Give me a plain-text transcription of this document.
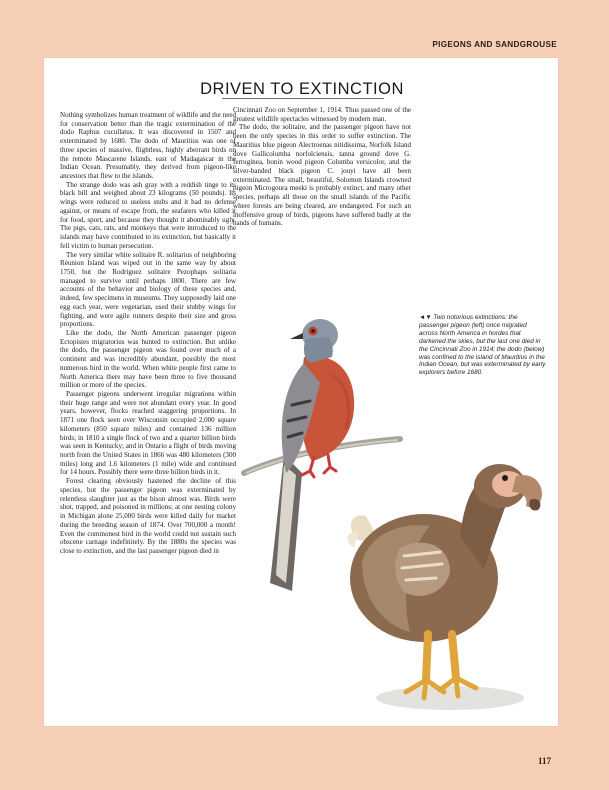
PIGEONS AND SANDGROUSE
DRIVEN TO EXTINCTION

Nothing symbolizes human treatment of wildlife and the need for conservation better than the tragic extermination of the dodo Raphus cucullatus. It was discovered in 1507 and exterminated by 1680. The dodo of Mauritius was one of three species of massive, flightless, highly aberrant birds on the remote Mascarene Islands, east of Madagascar in the Indian Ocean. Presumably, they derived from pigeon-like ancestors that flew to the islands.

The strange dodo was ash gray with a reddish tinge to its black bill and weighed about 23 kilograms (50 pounds). Its wings were reduced to useless stubs and it had no defense against, or means of escape from, the seafarers who killed it for food, sport, and because they thought it abominably ugly. The pigs, cats, rats, and monkeys that were introduced to the islands may have contributed to its extinction, but basically it fell victim to human persecution.

The very similar white solitaire R. solitarius of neighboring Réunion Island was wiped out in the same way by about 1750, but the Rodriguez solitaire Pezophaps solitaria managed to survive until perhaps 1800. There are few accounts of the behavior and biology of these species and, indeed, few specimens in museums. They supposedly laid one egg each year, were vegetarian, used their stubby wings for fighting, and were agile runners despite their size and gross proportions.

Like the dodo, the North American passenger pigeon Ectopistes migratorius was hunted to extinction. But unlike the dodo, the passenger pigeon was found over much of a continent and was incredibly abundant, possibly the most numerous bird in the world. When white people first came to North America there may have been three to five thousand million or more of the species.

Passenger pigeons underwent irregular migrations within their huge range and were not abundant every year. In good years, however, flocks reached staggering proportions. In 1871 one flock seen over Wisconsin occupied 2,000 square kilometers (850 square miles) and contained 136 million birds; in 1810 a single flock of two and a quarter billion birds was seen in Kentucky; and in Ontario a flight of birds moving north from the United States in 1866 was 480 kilometers (300 miles) long and 1.6 kilometers (1 mile) wide and continued for 14 hours. Possibly there were three billion birds in it.

Forest clearing obviously hastened the decline of this species, but the passenger pigeon was exterminated by relentless slaughter just as the bison almost was. Birds were shot, trapped, and poisoned in millions; at one nesting colony in Michigan alone 25,000 birds were killed daily for market during the breeding season of 1874. Over 700,000 a month! Even the commonest bird in the world could not sustain such obscene carnage indefinitely. By the 1880s the species was close to extinction, and the last passenger pigeon died in

Cincinnati Zoo on September 1, 1914. Thus passed one of the greatest wildlife spectacles witnessed by modern man.

The dodo, the solitaire, and the passenger pigeon have not been the only species in this order to suffer extinction. The Mauritius blue pigeon Alectroenas nitidissima, Norfolk Island dove Gallicolumba norfolciensis, tanna ground dove G. ferruginea, bonin wood pigeon Columba versicolor, and the silver-banded black pigeon C. jouyi have all been exterminated. The small, beautiful, Solomon Islands crowned pigeon Microgoura meeki is probably extinct, and many other species, perhaps all those on the small islands of the Pacific where forests are being cleared, are endangered. For such an inoffensive group of birds, pigeons have suffered badly at the hands of humans.

◄▼ Two notorious extinctions: the passenger pigeon (left) once migrated across North America in hordes that darkened the skies, but the last one died in the Cincinnati Zoo in 1914; the dodo (below) was confined to the island of Mauritius in the Indian Ocean, but was exterminated by early explorers before 1680.
117
